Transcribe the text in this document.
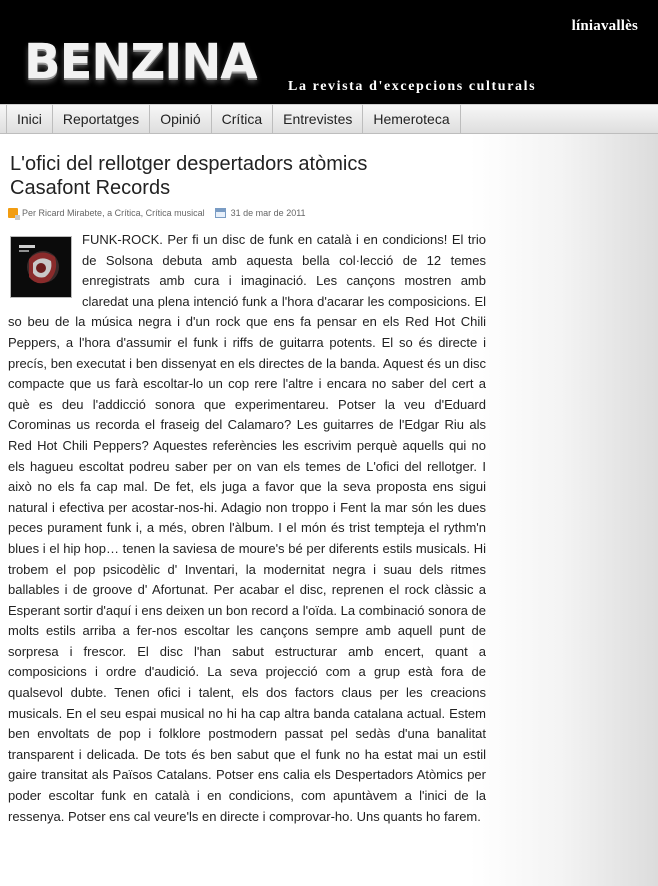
líniavallès
BENZINA La revista d'excepcions culturals
Inici	Reportatges	Opinió	Crítica	Entrevistes	Hemeroteca
L'ofici del rellotger despertadors atòmics Casafont Records
Per
Ricard Mirabete , a
Crítica ,
Crítica musical	31 de mar de 2011
FUNK-ROCK. Per fi un disc de funk en català i en condicions! El trio de Solsona debuta amb aquesta bella col·lecció de 12 temes enregistrats amb cura i imaginació. Les cançons mostren amb claredat una plena intenció funk a l'hora d'acarar les composicions. El so beu de la música negra i d'un rock que ens fa pensar en els Red Hot Chili Peppers, a l'hora d'assumir el funk i riffs de guitarra potents. El so és directe i precís, ben executat i ben dissenyat en els directes de la banda. Aquest és un disc compacte que us farà escoltar-lo un cop rere l'altre i encara no saber del cert a què es deu l'addicció sonora que experimentareu. Potser la veu d'Eduard Corominas us recorda el fraseig del Calamaro? Les guitarres de l'Edgar Riu als Red Hot Chili Peppers? Aquestes referències les escrivim perquè aquells qui no els hagueu escoltat podreu saber per on van els temes de L'ofici del rellotger. I això no els fa cap mal. De fet, els juga a favor que la seva proposta ens sigui natural i efectiva per acostar-nos-hi. Adagio non troppo i Fent la mar són les dues peces purament funk i, a més, obren l'àlbum. I el món és trist tempteja el rythm'n blues i el hip hop… tenen la saviesa de moure's bé per diferents estils musicals. Hi trobem el pop psicodèlic d' Inventari, la modernitat negra i suau dels ritmes ballables i de groove d' Afortunat. Per acabar el disc, reprenen el rock clàssic a Esperant sortir d'aquí i ens deixen un bon record a l'oïda. La combinació sonora de molts estils arriba a fer-nos escoltar les cançons sempre amb aquell punt de sorpresa i frescor. El disc l'han sabut estructurar amb encert, quant a composicions i ordre d'audició. La seva projecció com a grup està fora de qualsevol dubte. Tenen ofici i talent, els dos factors claus per les creacions musicals. En el seu espai musical no hi ha cap altra banda catalana actual. Estem ben envoltats de pop i folklore postmodern passat pel sedàs d'una banalitat transparent i delicada. De tots és ben sabut que el funk no ha estat mai un estil gaire transitat als Països Catalans. Potser ens calia els Despertadors Atòmics per poder escoltar funk en català i en condicions, com apuntàvem a l'inici de la ressenya. Potser ens cal veure'ls en directe i comprovar-ho. Uns quants ho farem.
